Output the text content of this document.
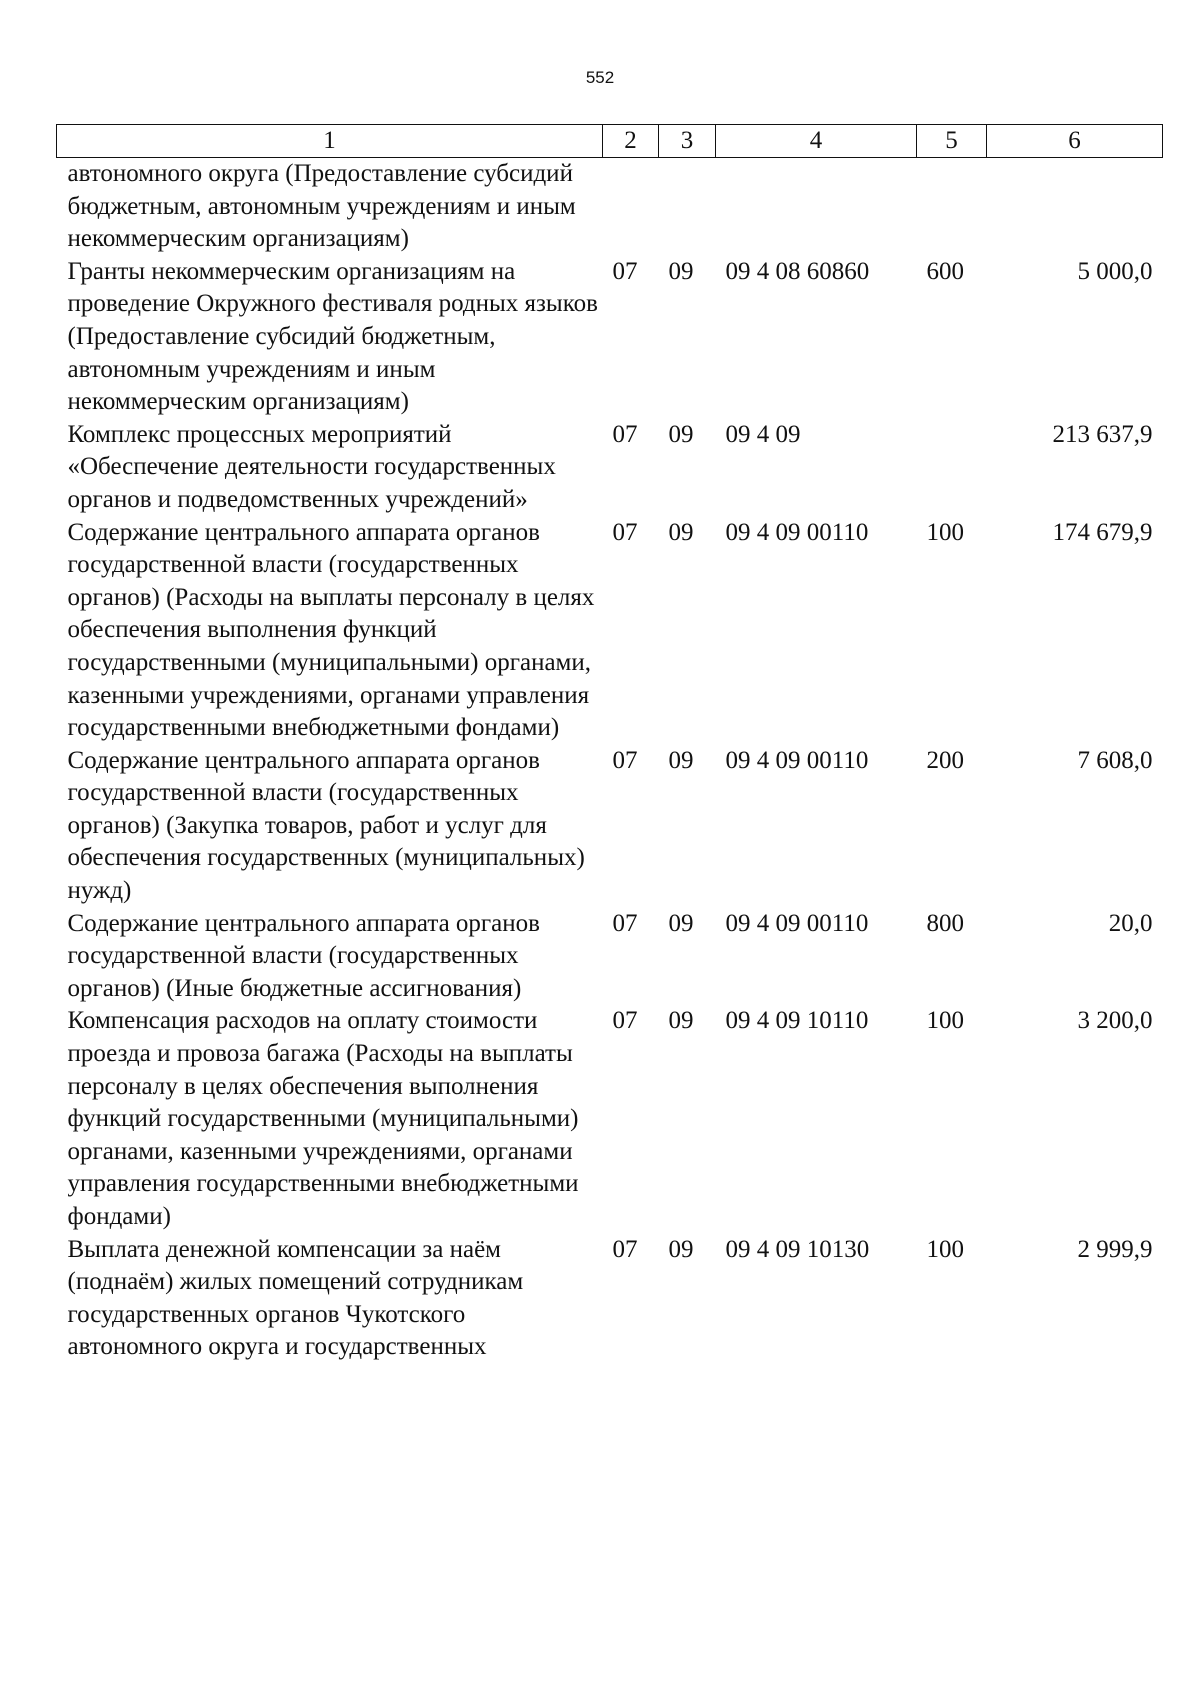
552
1	2	3	4	5	6
автономного округа (Предоставление субсидий бюджетным, автономным учреждениям и иным некоммерческим организациям)					
Гранты некоммерческим организациям на проведение Окружного фестиваля родных языков (Предоставление субсидий бюджетным, автономным учреждениям и иным некоммерческим организациям)	07	09	09 4 08 60860	600	5 000,0
Комплекс процессных мероприятий «Обеспечение деятельности государственных органов и подведомственных учреждений»	07	09	09 4 09		213 637,9
Содержание центрального аппарата органов государственной власти (государственных органов) (Расходы на выплаты персоналу в целях обеспечения выполнения функций государственными (муниципальными) органами, казенными учреждениями, органами управления государственными внебюджетными фондами)	07	09	09 4 09 00110	100	174 679,9
Содержание центрального аппарата органов государственной власти (государственных органов) (Закупка товаров, работ и услуг для обеспечения государственных (муниципальных) нужд)	07	09	09 4 09 00110	200	7 608,0
Содержание центрального аппарата органов государственной власти (государственных органов) (Иные бюджетные ассигнования)	07	09	09 4 09 00110	800	20,0
Компенсация расходов на оплату стоимости проезда и провоза багажа (Расходы на выплаты персоналу в целях обеспечения выполнения функций государственными (муниципальными) органами, казенными учреждениями, органами управления государственными внебюджетными фондами)	07	09	09 4 09 10110	100	3 200,0
Выплата денежной компенсации за наём (поднаём) жилых помещений сотрудникам государственных органов Чукотского автономного округа и государственных	07	09	09 4 09 10130	100	2 999,9
